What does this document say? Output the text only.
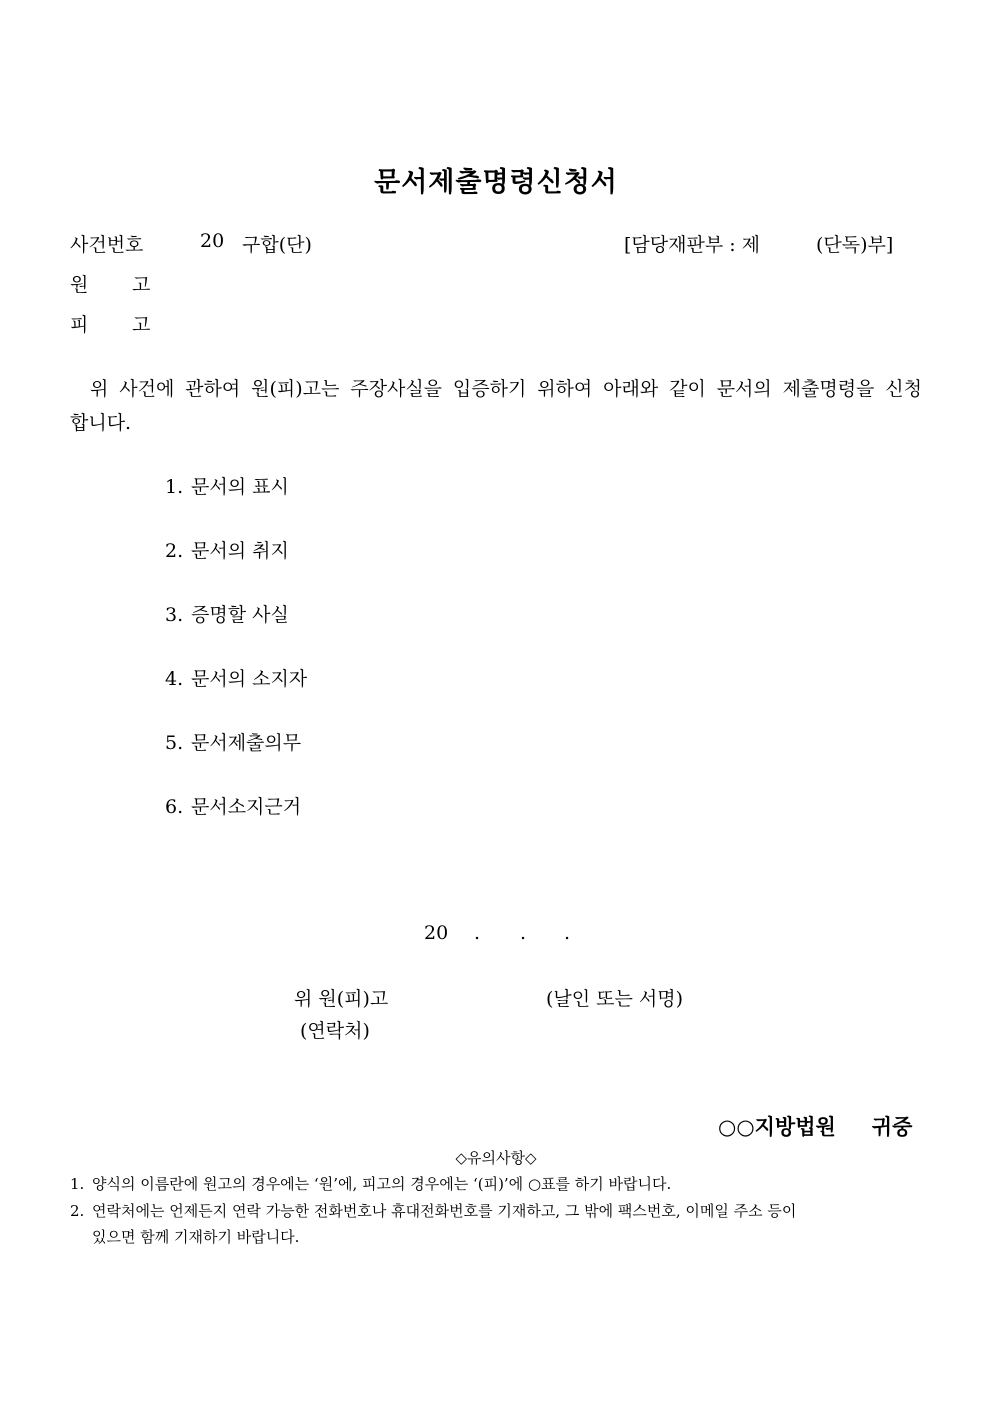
문서제출명령신청서
사건번호	20 구합(단)	[담당재판부 : 제	(단독)부]
원 고
피 고
위 사건에 관하여 원(피)고는 주장사실을 입증하기 위하여 아래와 같이 문서의 제출명령을 신청합니다.
1. 문서의 표시
2. 문서의 취지
3. 증명할 사실
4. 문서의 소지자
5. 문서제출의무
6. 문서소지근거
20 . . .
위 원(피)고	(날인 또는 서명)
(연락처)
○○지방법원 귀중
◇유의사항◇
1. 양식의 이름란에 원고의 경우에는 ‘원’에, 피고의 경우에는 ‘(피)’에 ○표를 하기 바랍니다.
2. 연락처에는 언제든지 연락 가능한 전화번호나 휴대전화번호를 기재하고, 그 밖에 팩스번호, 이메일 주소 등이
있으면 함께 기재하기 바랍니다.
